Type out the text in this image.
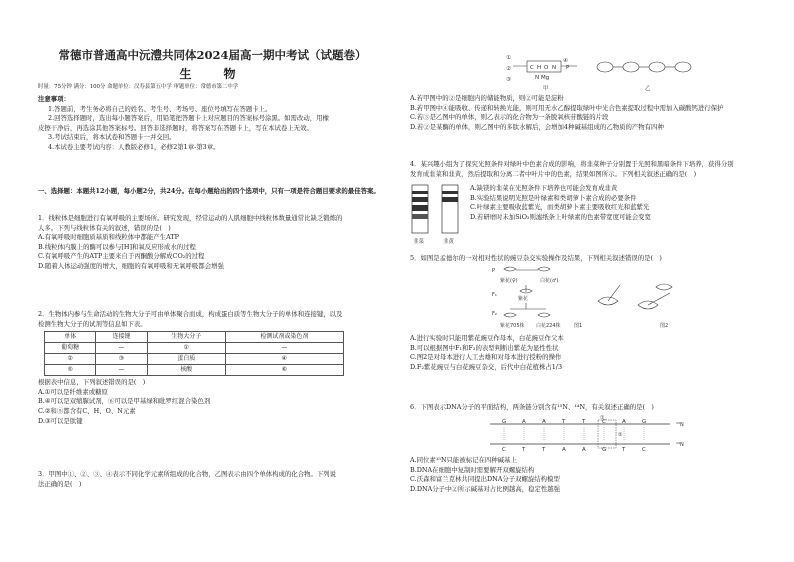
常德市普通高中沅澧共同体2024届高一期中考试（试题卷）
生　物
时量：75分钟 满分：100分 命题单位：汉寿县第五中学 审题单位：常德市第二中学
注意事项：
1.答题前，考生务必将自己的姓名、考生号、考场号、座位号填写在答题卡上。
2.回答选择题时，选出每小题答案后，用铅笔把答题卡上对应题目的答案标号涂黑。如需改动，用橡
皮擦干净后，再选涂其他答案标号。回答非选择题时，将答案写在答题卡上，写在本试卷上无效。
3.考试结束后，将本试卷和答题卡一并交回。
4.本试卷主要考试内容：人教版必修1，必修2第1章-第3章。
一、选择题：本题共12小题，每小题2分，共24分。在每小题给出的四个选项中，只有一项是符合题目要求的最佳答案。
1．线粒体是细胞进行有氧呼吸的主要场所。研究发现，经常运动的人肌细胞中线粒体数量通常比缺乏锻炼的
人多。下列与线粒体有关的叙述，错误的是(　)
A.有氧呼吸时细胞质基质和线粒体中都能产生ATP
B.线粒体内膜上的酶可以参与[H]和氧反应形成水的过程
C.有氧呼吸产生的ATP主要来自于丙酮酸分解成CO₂的过程
D.随着人体运动强度的增大，细胞的有氧呼吸和无氧呼吸都会增强
2．生物体内参与生命活动的生物大分子可由单体聚合而成，构成蛋白质等生物大分子的单体和连接键，以及
检测生物大分子的试剂等信息如下表。
单体	连接键	生物大分子	检测试剂或染色剂
葡萄糖	—	①	—
②	③	蛋白质	④
⑤	—	核酸	⑥
根据表中信息，下列叙述错误的是(　)
A.①可以是纤维素或糖原
B.④可以是双缩脲试剂，⑥可以是甲基绿和吡罗红混合染色剂
C.②和⑤都含有C、H、O、N元素
D.③可以是肽键
3．甲图中①、②、③、④表示不同化学元素所组成的化合物，乙图表示由四个单体构成的化合物。下列说
法正确的是(　)
①
②
③
④
C H O N P
N Mg
甲	乙
A.若甲图中的②是细胞内的储能物质，则②可能是淀粉
B.若甲图中④能吸收、传递和转换光能，则可用无水乙醇提取绿叶中光合色素提取过程中需加入碳酸钙进行保护
C.若③是乙图中的单体，则乙表示的化合物为一条脱氧核苷酸链的片段
D.若②是某酶的单体，则乙图中的多肽水解后，会增加4种碱基组成的乙物质的产物有四种
4．某兴趣小组为了探究光照条件对绿叶中色素合成的影响，将韭菜种子分别置于光照和黑暗条件下培养，获得分别
发育成韭菜和韭黄，然后提取和分离二者中叶片中的色素，结果如图所示。下列相关叙述正确的是(　)
韭菜	韭黄
A.缺镁的韭菜在光照条件下培养也可能会发育成韭黄
B.实验结果说明光照是叶绿素和类胡萝卜素合成的必要条件
C.叶绿素主要吸收蓝紫光，而类胡萝卜素主要吸收红光和蓝紫光
D.若研磨时未加SiO₂则滤纸条上叶绿素的色素带宽度可能会变宽
5．如图是孟德尔的一对相对性状的豌豆杂交实验操作及结果，下列相关叙述错误的是(　)
P
紫花(♀)	白花(♂)
F₁
紫花
F₂
紫花705株 白花224株	图1	图2
A.进行实验时只能用紫花豌豆作母本，白花豌豆作父本
B.可以根据图中F₁和F₂的表型判断出紫花为显性性状
C.图2是对母本进行人工去雄和对母本进行授粉的操作
D.F₂紫花豌豆与白花豌豆杂交，后代中白花植株占1/3
6．下图表示DNA分子的平面结构，两条链分别含有¹⁵N、¹⁴N，有关叙述正确的是(　)
¹⁵N
¹⁴N
①
②
G
C
A
T
A
T
T
A
T
A
C
G
A
T
G
C
A.同位素¹⁵N只能被标记在四种碱基上
B.DNA在细胞中复制时需要解开双螺旋结构
C.沃森和富兰克林共同提出DNA分子双螺旋结构模型
D.DNA分子中②所示碱基对占比例越高，稳定性越强
